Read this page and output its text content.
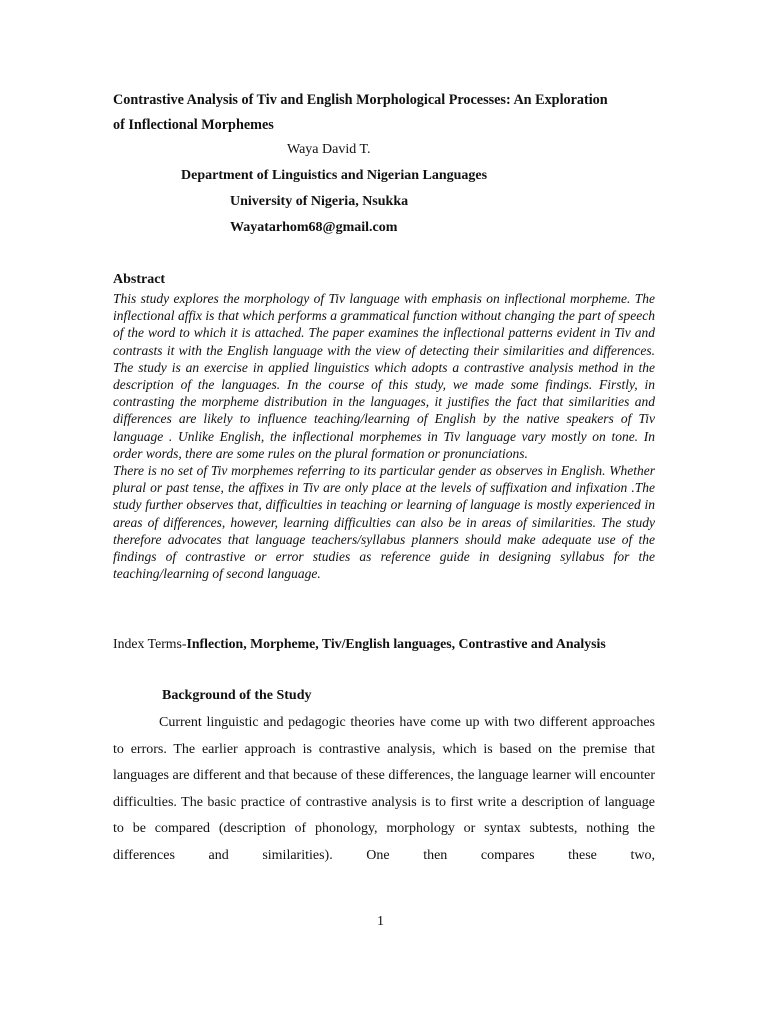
Contrastive Analysis of Tiv and English Morphological Processes: An Exploration
of Inflectional Morphemes

Waya David T.

Department of Linguistics and Nigerian Languages

University of Nigeria, Nsukka

Wayatarhom68@gmail.com

Abstract

This study explores the morphology of Tiv language with emphasis on inflectional morpheme. The inflectional affix is that which performs a grammatical function without changing the part of speech of the word to which it is attached. The paper examines the inflectional patterns evident in Tiv and contrasts it with the English language with the view of detecting their similarities and differences. The study is an exercise in applied linguistics which adopts a contrastive analysis method in the description of the languages. In the course of this study, we made some findings. Firstly, in contrasting the morpheme distribution in the languages, it justifies the fact that similarities and differences are likely to influence teaching/learning of English by the native speakers of Tiv language . Unlike English, the inflectional morphemes in Tiv language vary mostly on tone. In order words, there are some rules on the plural formation or pronunciations.

There is no set of Tiv morphemes referring to its particular gender as observes in English. Whether plural or past tense, the affixes in Tiv are only place at the levels of suffixation and infixation .The study further observes that, difficulties in teaching or learning of language is mostly experienced in areas of differences, however, learning difficulties can also be in areas of similarities. The study therefore advocates that language teachers/syllabus planners should make adequate use of the findings of contrastive or error studies as reference guide in designing syllabus for the teaching/learning of second language.

Index Terms-Inflection, Morpheme, Tiv/English languages, Contrastive and Analysis

Background of the Study

Current linguistic and pedagogic theories have come up with two different approaches to errors. The earlier approach is contrastive analysis, which is based on the premise that languages are different and that because of these differences, the language learner will encounter difficulties. The basic practice of contrastive analysis is to first write a description of language to be compared (description of phonology, morphology or syntax subtests, nothing the differences and similarities). One then compares these two,

1
